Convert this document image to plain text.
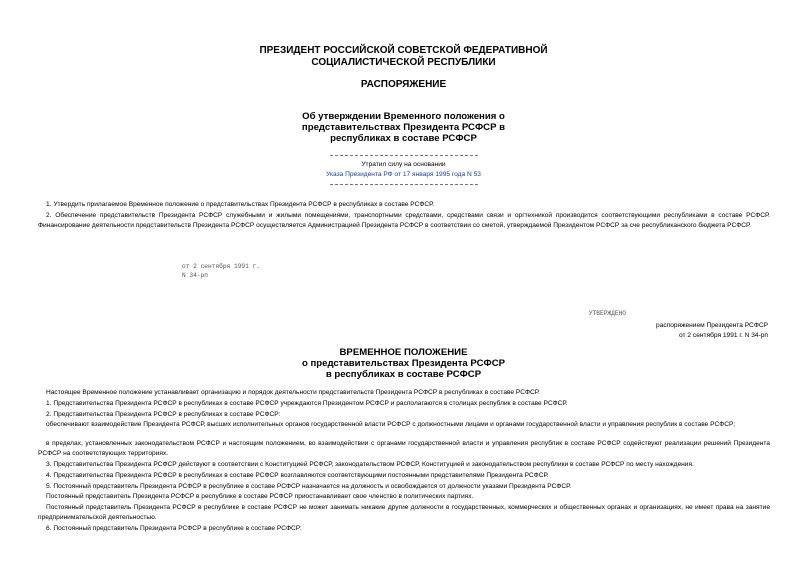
ПРЕЗИДЕНТ РОССИЙСКОЙ СОВЕТСКОЙ ФЕДЕРАТИВНОЙ
СОЦИАЛИСТИЧЕСКОЙ РЕСПУБЛИКИ
РАСПОРЯЖЕНИЕ
Об утверждении Временного положения о
представительствах Президента РСФСР в
республиках в составе РСФСР
Утратил силу на основании
Указа Президента РФ от 17 января 1995 года N 53
1. Утвердить прилагаемое Временное положение о представительствах Президента РСФСР в республиках в составе РСФСР.
2. Обеспечение представительств Президента РСФСР служебными и жилыми помещениями, транспортными средствами, средствами связи и оргтехникой производится соответствующими республиками в составе РСФСР. Финансирование деятельности представительств Президента РСФСР осуществляется Администрацией Президента РСФСР в соответствии со сметой, утверждаемой Президентом РСФСР за сче республиканского бюджета РСФСР.
от 2 сентября 1991 г.
N 34-рп
УТВЕРЖДЕНО
распоряжением Президента РСФСР
от 2 сентября 1991 г. N 34-рп
ВРЕМЕННОЕ ПОЛОЖЕНИЕ
о представительствах Президента РСФСР
в республиках в составе РСФСР
Настоящее Временное положение устанавливает организацию и порядок деятельности представительств Президента РСФСР в республиках в составе РСФСР.
1. Представительства Президента РСФСР в республиках в составе РСФСР учреждаются Президентом РСФСР и располагаются в столицах республик в составе РСФСР.
2. Представительства Президента РСФСР в республиках в составе РСФСР:
обеспечивают взаимодействие Президента РСФСР, высших исполнительных органов государственной власти РСФСР с должностными лицами и органами государственной власти и управления республик в составе РСФСР;
в пределах, установленных законодательством РСФСР и настоящим положением, во взаимодействии с органами государственной власти и управления республик в составе РСФСР содействуют реализации решений Президента РСФСР на соответствующих территориях.
3. Представительства Президента РСФСР действуют в соответствии с Конституцией РСФСР, законодательством РСФСР, Конституцией и законодательством республики в составе РСФСР по месту нахождения.
4. Представительства Президента РСФСР в республиках в составе РСФСР возглавляются соответствующими постоянными представителями Президента РСФСР.
5. Постоянный представитель Президента РСФСР в республике в составе РСФСР назначается на должность и освобождается от должности указами Президента РСФСР.
Постоянный представитель Президента РСФСР в республике в составе РСФСР приостанавливает свое членство в политических партиях.
Постоянный представитель Президента РСФСР в республике в составе РСФСР не может занимать никакие другие должности в государственных, коммерческих и общественных органах и организациях, не имеет права на занятие предпринимательской деятельностью.
6. Постоянный представитель Президента РСФСР в республике в составе РСФСР:
